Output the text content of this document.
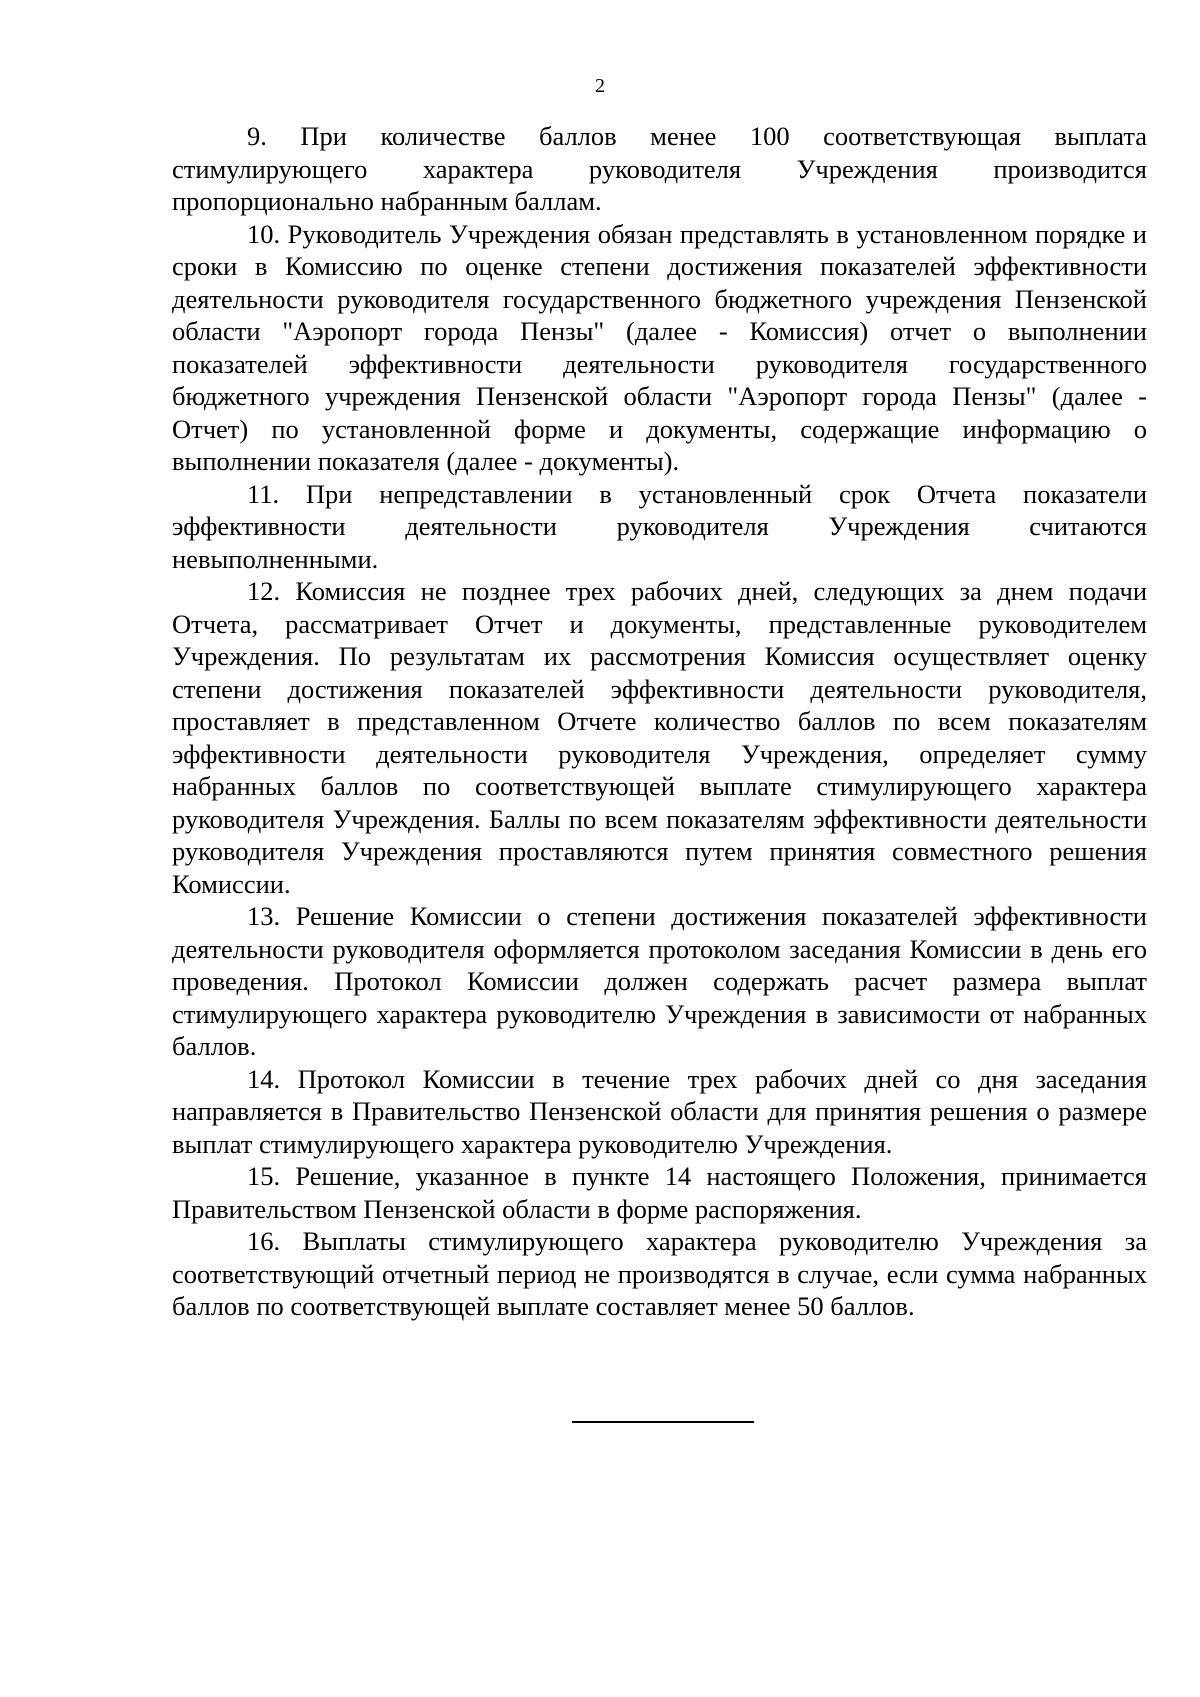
2

9. При количестве баллов менее 100 соответствующая выплата стимулирующего характера руководителя Учреждения производится пропорционально набранным баллам.

10. Руководитель Учреждения обязан представлять в установленном порядке и сроки в Комиссию по оценке степени достижения показателей эффективности деятельности руководителя государственного бюджетного учреждения Пензенской области "Аэропорт города Пензы" (далее - Комиссия) отчет о выполнении показателей эффективности деятельности руководителя государственного бюджетного учреждения Пензенской области "Аэропорт города Пензы" (далее - Отчет) по установленной форме и документы, содержащие информацию о выполнении показателя (далее - документы).

11. При непредставлении в установленный срок Отчета показатели эффективности деятельности руководителя Учреждения считаются невыполненными.

12. Комиссия не позднее трех рабочих дней, следующих за днем подачи Отчета, рассматривает Отчет и документы, представленные руководителем Учреждения. По результатам их рассмотрения Комиссия осуществляет оценку степени достижения показателей эффективности деятельности руководителя, проставляет в представленном Отчете количество баллов по всем показателям эффективности деятельности руководителя Учреждения, определяет сумму набранных баллов по соответствующей выплате стимулирующего характера руководителя Учреждения. Баллы по всем показателям эффективности деятельности руководителя Учреждения проставляются путем принятия совместного решения Комиссии.

13. Решение Комиссии о степени достижения показателей эффективности деятельности руководителя оформляется протоколом заседания Комиссии в день его проведения. Протокол Комиссии должен содержать расчет размера выплат стимулирующего характера руководителю Учреждения в зависимости от набранных баллов.

14. Протокол Комиссии в течение трех рабочих дней со дня заседания направляется в Правительство Пензенской области для принятия решения о размере выплат стимулирующего характера руководителю Учреждения.

15. Решение, указанное в пункте 14 настоящего Положения, принимается Правительством Пензенской области в форме распоряжения.

16. Выплаты стимулирующего характера руководителю Учреждения за соответствующий отчетный период не производятся в случае, если сумма набранных баллов по соответствующей выплате составляет менее 50 баллов.
